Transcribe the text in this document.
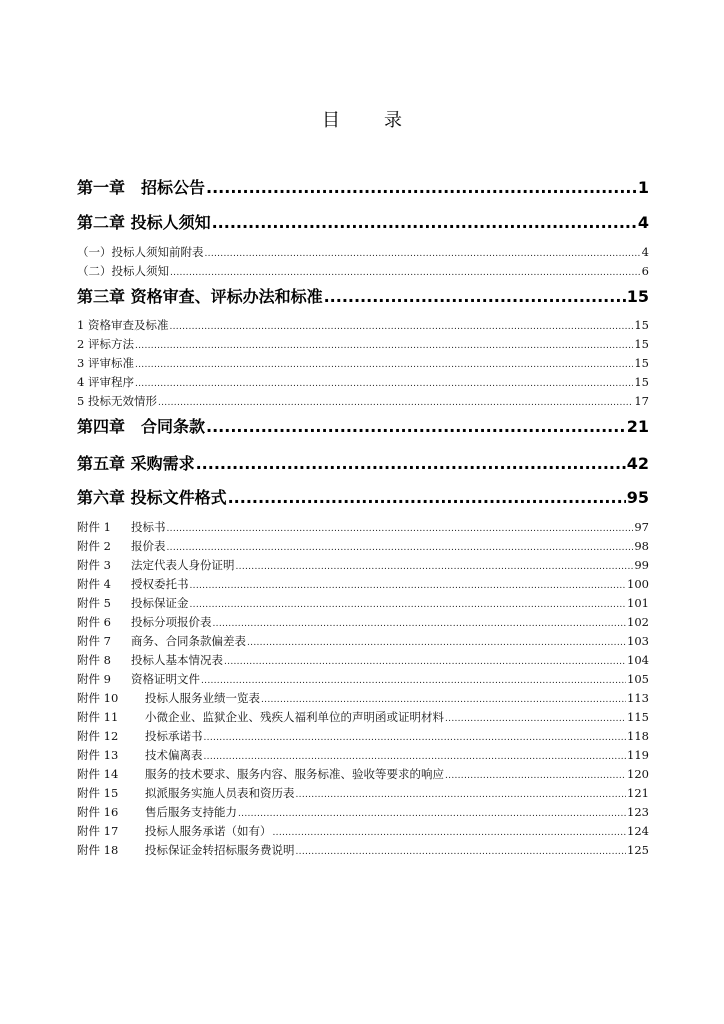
目 录
第一章　招标公告 .....	1
第二章 投标人须知 .....	4
（一）投标人须知前附表 .....	4
（二）投标人须知 .....	6
第三章 资格审查、评标办法和标准 .....	15
1 资格审查及标准 .....	15
2 评标方法 .....	15
3 评审标准 .....	15
4 评审程序 .....	15
5 投标无效情形 .....	17
第四章　合同条款 .....	21
第五章 采购需求 .....	42
第六章 投标文件格式 .....	95
附件 1 投标书 .....	97
附件 2 报价表 .....	98
附件 3 法定代表人身份证明 .....	99
附件 4 授权委托书 .....	100
附件 5 投标保证金 .....	101
附件 6 投标分项报价表 .....	102
附件 7 商务、合同条款偏差表 .....	103
附件 8 投标人基本情况表 .....	104
附件 9 资格证明文件 .....	105
附件 10 投标人服务业绩一览表 .....	113
附件 11 小微企业、监狱企业、残疾人福利单位的声明函或证明材料 .....	115
附件 12 投标承诺书 .....	118
附件 13 技术偏离表 .....	119
附件 14 服务的技术要求、服务内容、服务标准、验收等要求的响应 .....	120
附件 15 拟派服务实施人员表和资历表 .....	121
附件 16 售后服务支持能力 .....	123
附件 17 投标人服务承诺（如有） .....	124
附件 18 投标保证金转招标服务费说明 .....	125
